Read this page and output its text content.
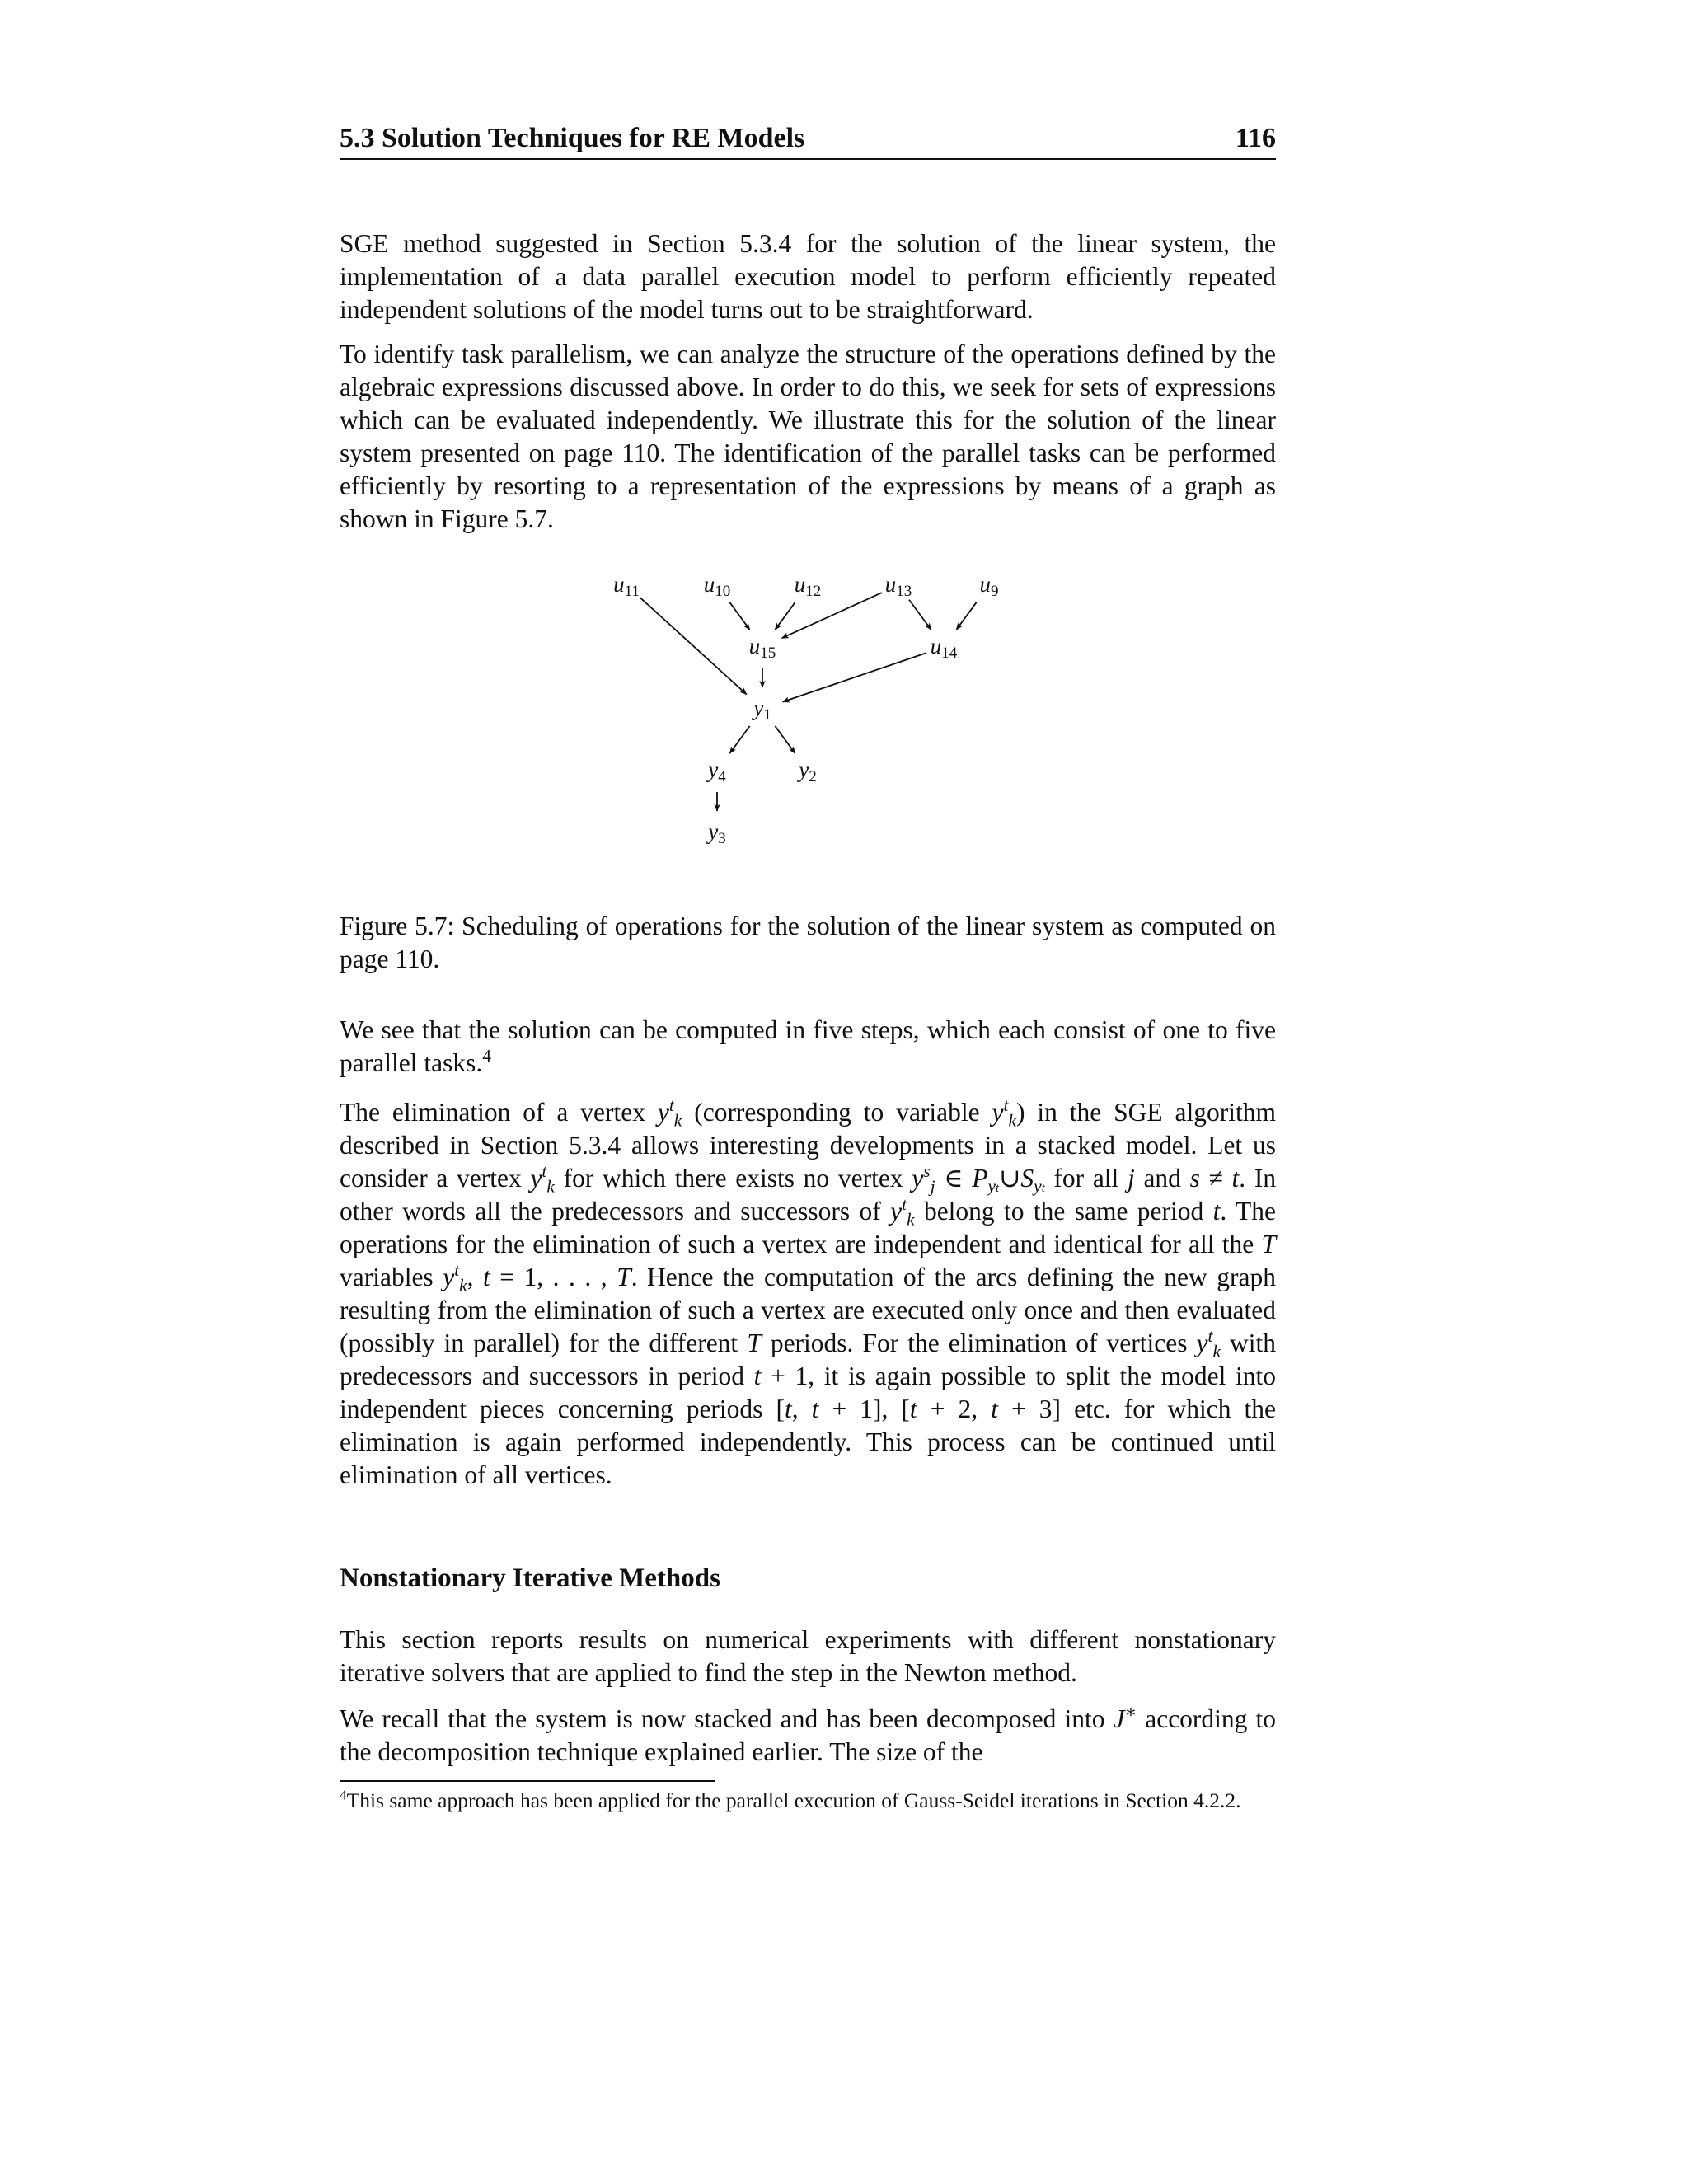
5.3 Solution Techniques for RE Models	116

SGE method suggested in Section 5.3.4 for the solution of the linear system, the implementation of a data parallel execution model to perform efficiently repeated independent solutions of the model turns out to be straightforward.

To identify task parallelism, we can analyze the structure of the operations defined by the algebraic expressions discussed above. In order to do this, we seek for sets of expressions which can be evaluated independently. We illustrate this for the solution of the linear system presented on page 110. The identification of the parallel tasks can be performed efficiently by resorting to a representation of the expressions by means of a graph as shown in Figure 5.7.

u11	u10	u12	u13	u9
u15	u14
y1
y4	y2
y3

Figure 5.7: Scheduling of operations for the solution of the linear system as computed on page 110.

We see that the solution can be computed in five steps, which each consist of one to five parallel tasks.$^4$

The elimination of a vertex $y^t_k$ (corresponding to variable $y^t_k$) in the SGE algorithm described in Section 5.3.4 allows interesting developments in a stacked model. Let us consider a vertex $y^t_k$ for which there exists no vertex $y^s_j$ ∈ $P_{yt}\cup S_{yt}$ for all j and s ≠ t. In other words all the predecessors and successors of $y^t_k$ belong to the same period t. The operations for the elimination of such a vertex are independent and identical for all the T variables $y^t_k$, t = 1, . . . , T. Hence the computation of the arcs defining the new graph resulting from the elimination of such a vertex are executed only once and then evaluated (possibly in parallel) for the different T periods. For the elimination of vertices $y^t_k$ with predecessors and successors in period t + 1, it is again possible to split the model into independent pieces concerning periods [t, t + 1], [t + 2, t + 3] etc. for which the elimination is again performed independently. This process can be continued until elimination of all vertices.

Nonstationary Iterative Methods

This section reports results on numerical experiments with different nonstationary iterative solvers that are applied to find the step in the Newton method.

We recall that the system is now stacked and has been decomposed into J∗ according to the decomposition technique explained earlier. The size of the

$^4$This same approach has been applied for the parallel execution of Gauss-Seidel iterations in Section 4.2.2.
